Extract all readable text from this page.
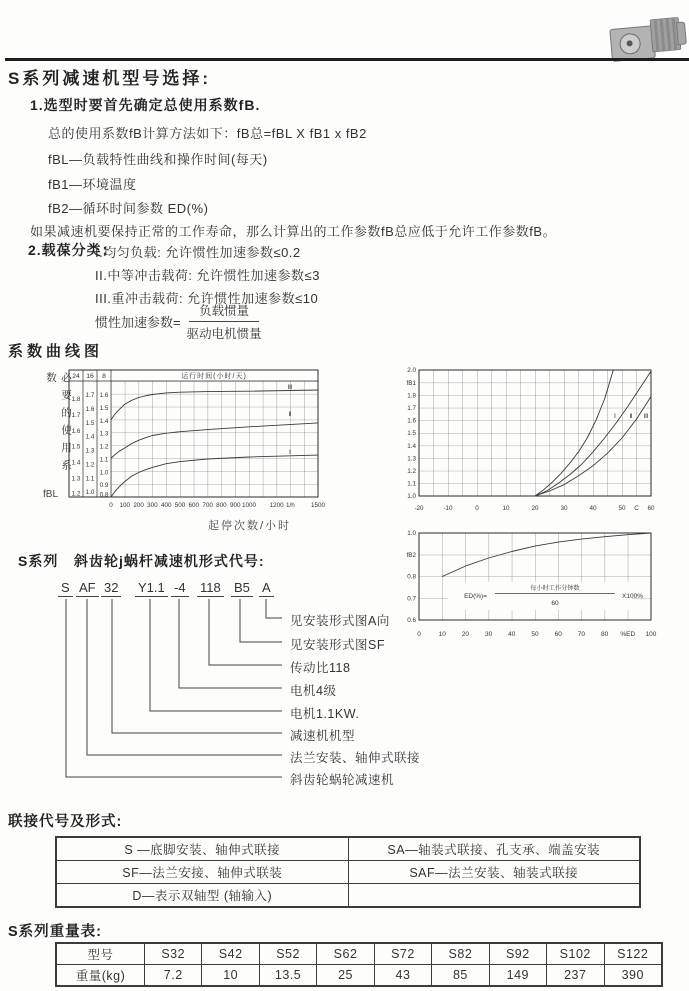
S系列减速机型号选择:
1.选型时要首先确定总使用系数fB.
总的使用系数fB计算方法如下：fB总=fBL X fB1 x fB2
fBL—负载特性曲线和操作时间(每天)
fB1—环境温度
fB2—循环时间参数 ED(%)
如果减速机要保持正常的工作寿命，那么计算出的工作参数fB总应低于允许工作参数fB。
2.载葆分类：
I.均匀负载: 允许惯性加速参数≤0.2
II.中等冲击载荷: 允许惯性加速参数≤3
III.重冲击载荷: 允许惯性加速参数≤10
惯性加速参数= $\frac{\text{负载惯量}}{\text{驱动电机惯量}}$
系数曲线图
必要的使用系数
fBL
24 16 8	运行时间(小时/天)
1.8
1.7
1.6
1.5
1.4
1.3
1.2
1.7
1.6
1.5
1.4
1.3
1.2
1.1
1.0
1.6
1.5
1.4
1.3
1.2
1.1
1.0
0.9
0.8
Ⅲ
Ⅱ
Ⅰ
0 100 200 300 400 500 600 700 800 900 1000 1200 1/h	1500
起停次数/小时
2.0
fB1
1.8
1.7
1.6
1.5
1.4
1.3
1.2
1.1
1.0
Ⅰ Ⅱ Ⅲ
-20	-10	0	10	20	30	40	50 C 60
1.0
fB2
0.8
0.7
0.6
ED(%)=
每小时工作分钟数
60
X100%
0	10 20 30 40 50 60 70 80 %ED 100
S系列 斜齿轮j蜗杆减速机形式代号:
S AF 32 Y1.1 -4 118 B5 A
见安装形式图A向
见安装形式图SF
传动比118
电机4级
电机1.1KW.
减速机机型
法兰安装、轴伸式联接
斜齿轮蜗轮减速机
联接代号及形式:
S —底脚安装、轴伸式联接	SA—轴装式联接、孔支承、端盖安装
SF—法兰安接、轴伸式联装	SAF—法兰安装、轴装式联接
D—表示双轴型 (轴输入)	
S系列重量表:
型号	S32	S42	S52	S62	S72	S82	S92	S102	S122
重量(kg)	7.2	10	13.5	25	43	85	149	237	390
